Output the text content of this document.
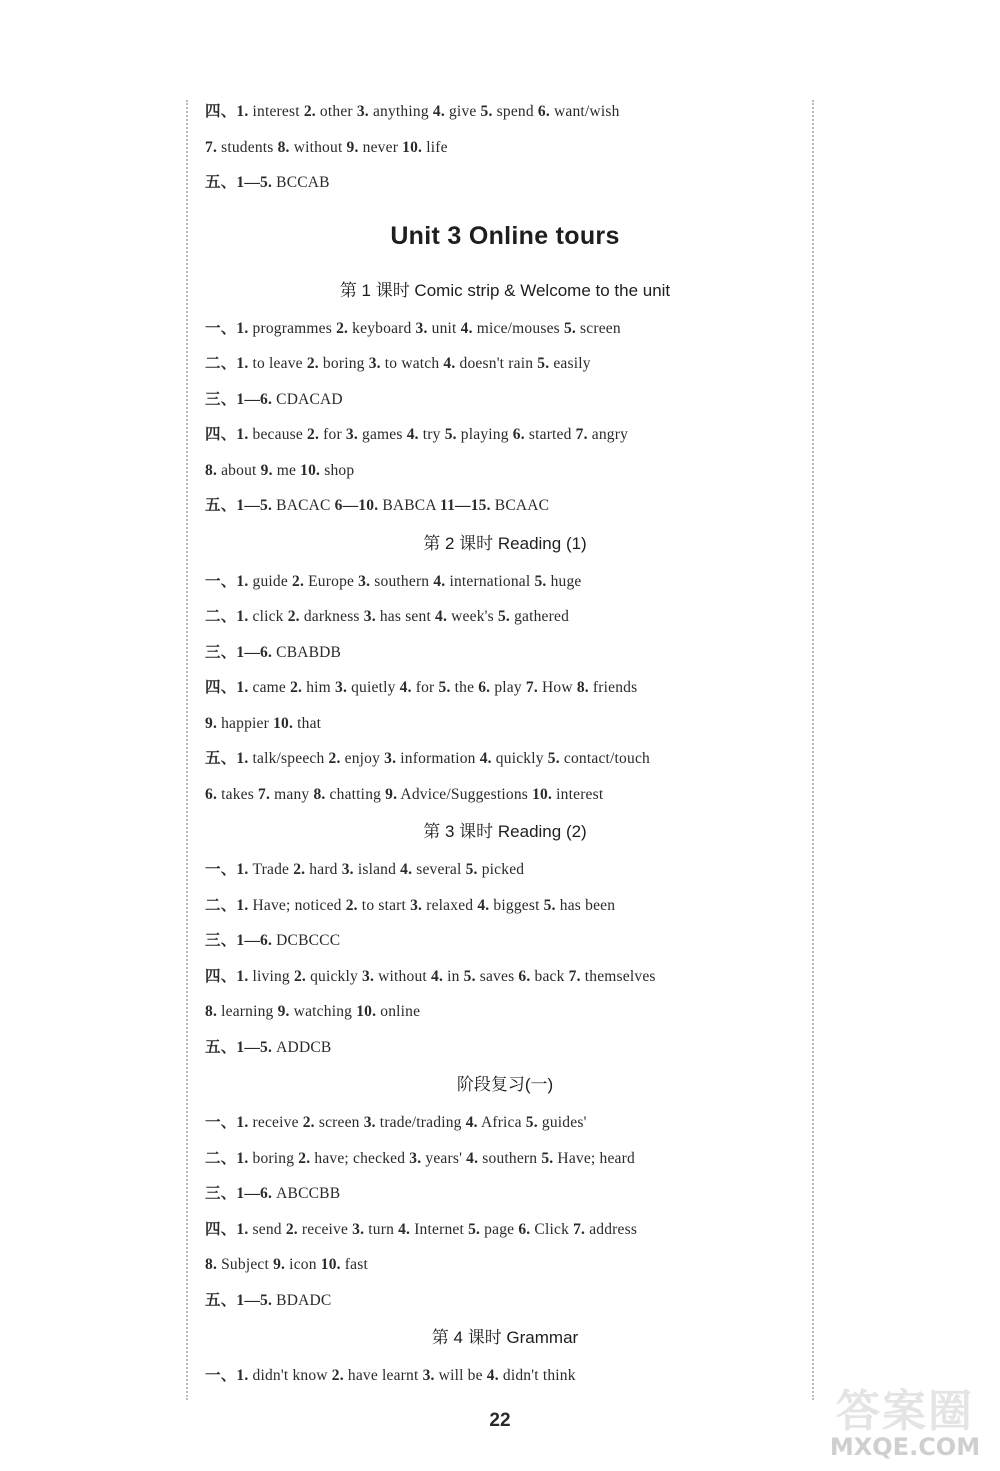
四、1. interest 2. other 3. anything 4. give 5. spend 6. want/wish
7. students 8. without 9. never 10. life
五、1—5. BCCAB
Unit 3 Online tours
第 1 课时 Comic strip & Welcome to the unit
一、1. programmes 2. keyboard 3. unit 4. mice/mouses 5. screen
二、1. to leave 2. boring 3. to watch 4. doesn't rain 5. easily
三、1—6. CDACAD
四、1. because 2. for 3. games 4. try 5. playing 6. started 7. angry
8. about 9. me 10. shop
五、1—5. BACAC 6—10. BABCA 11—15. BCAAC
第 2 课时 Reading (1)
一、1. guide 2. Europe 3. southern 4. international 5. huge
二、1. click 2. darkness 3. has sent 4. week's 5. gathered
三、1—6. CBABDB
四、1. came 2. him 3. quietly 4. for 5. the 6. play 7. How 8. friends
9. happier 10. that
五、1. talk/speech 2. enjoy 3. information 4. quickly 5. contact/touch
6. takes 7. many 8. chatting 9. Advice/Suggestions 10. interest
第 3 课时 Reading (2)
一、1. Trade 2. hard 3. island 4. several 5. picked
二、1. Have; noticed 2. to start 3. relaxed 4. biggest 5. has been
三、1—6. DCBCCC
四、1. living 2. quickly 3. without 4. in 5. saves 6. back 7. themselves
8. learning 9. watching 10. online
五、1—5. ADDCB
阶段复习(一)
一、1. receive 2. screen 3. trade/trading 4. Africa 5. guides'
二、1. boring 2. have; checked 3. years' 4. southern 5. Have; heard
三、1—6. ABCCBB
四、1. send 2. receive 3. turn 4. Internet 5. page 6. Click 7. address
8. Subject 9. icon 10. fast
五、1—5. BDADC
第 4 课时 Grammar
一、1. didn't know 2. have learnt 3. will be 4. didn't think
22	答案圈
MXQE.COM
